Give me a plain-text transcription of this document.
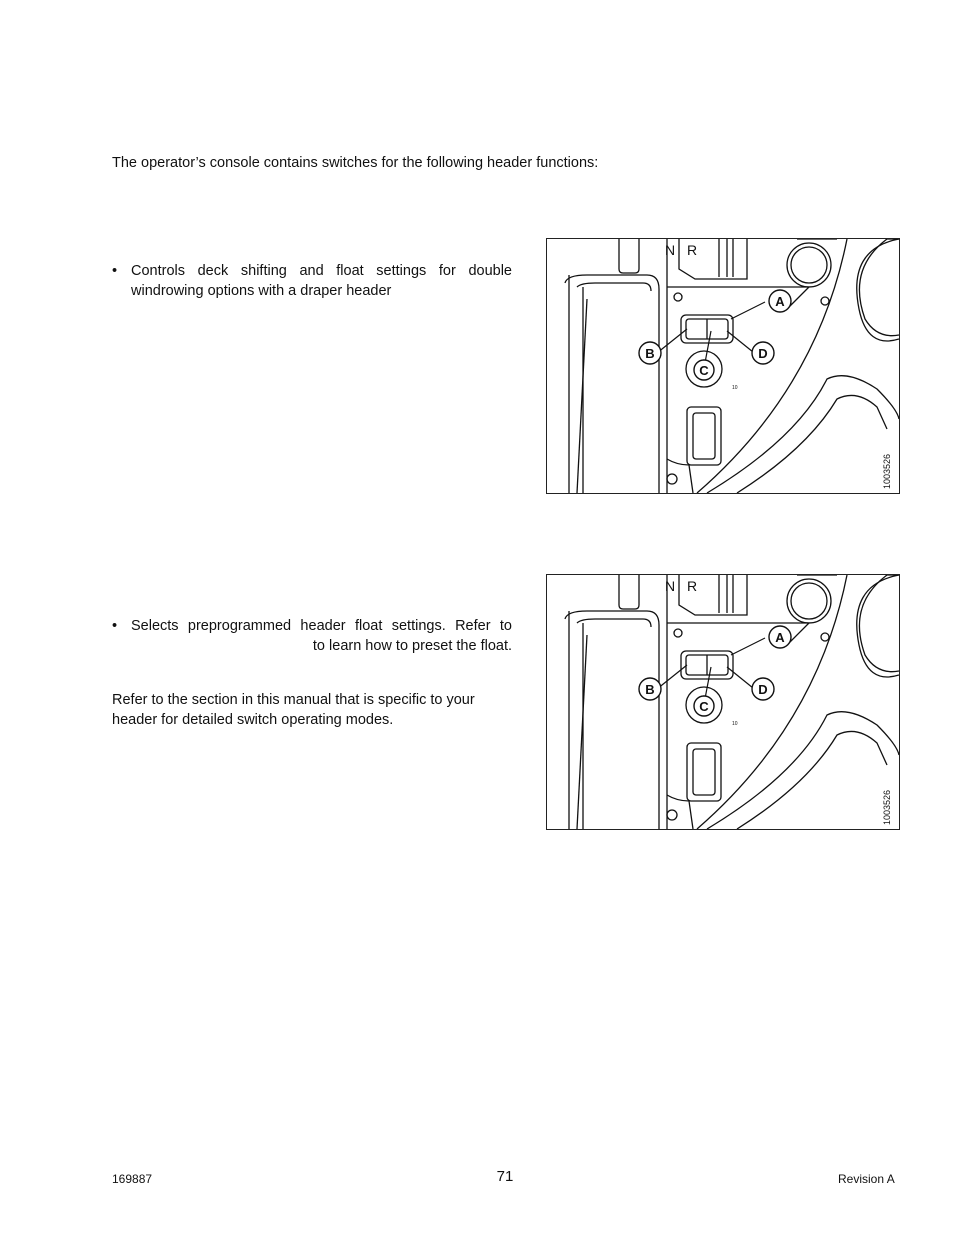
The operator’s console contains switches for the following header functions:
• Controls deck shifting and float settings for double
windrowing options with a draper header
A
B
C
D
N R
10
1003526
• Selects preprogrammed header float settings. Refer to
to learn how to preset the float.
Refer to the section in this manual that is specific to your
header for detailed switch operating modes.
A
B
C
D
N R
10
1003526
169887	71	Revision A
